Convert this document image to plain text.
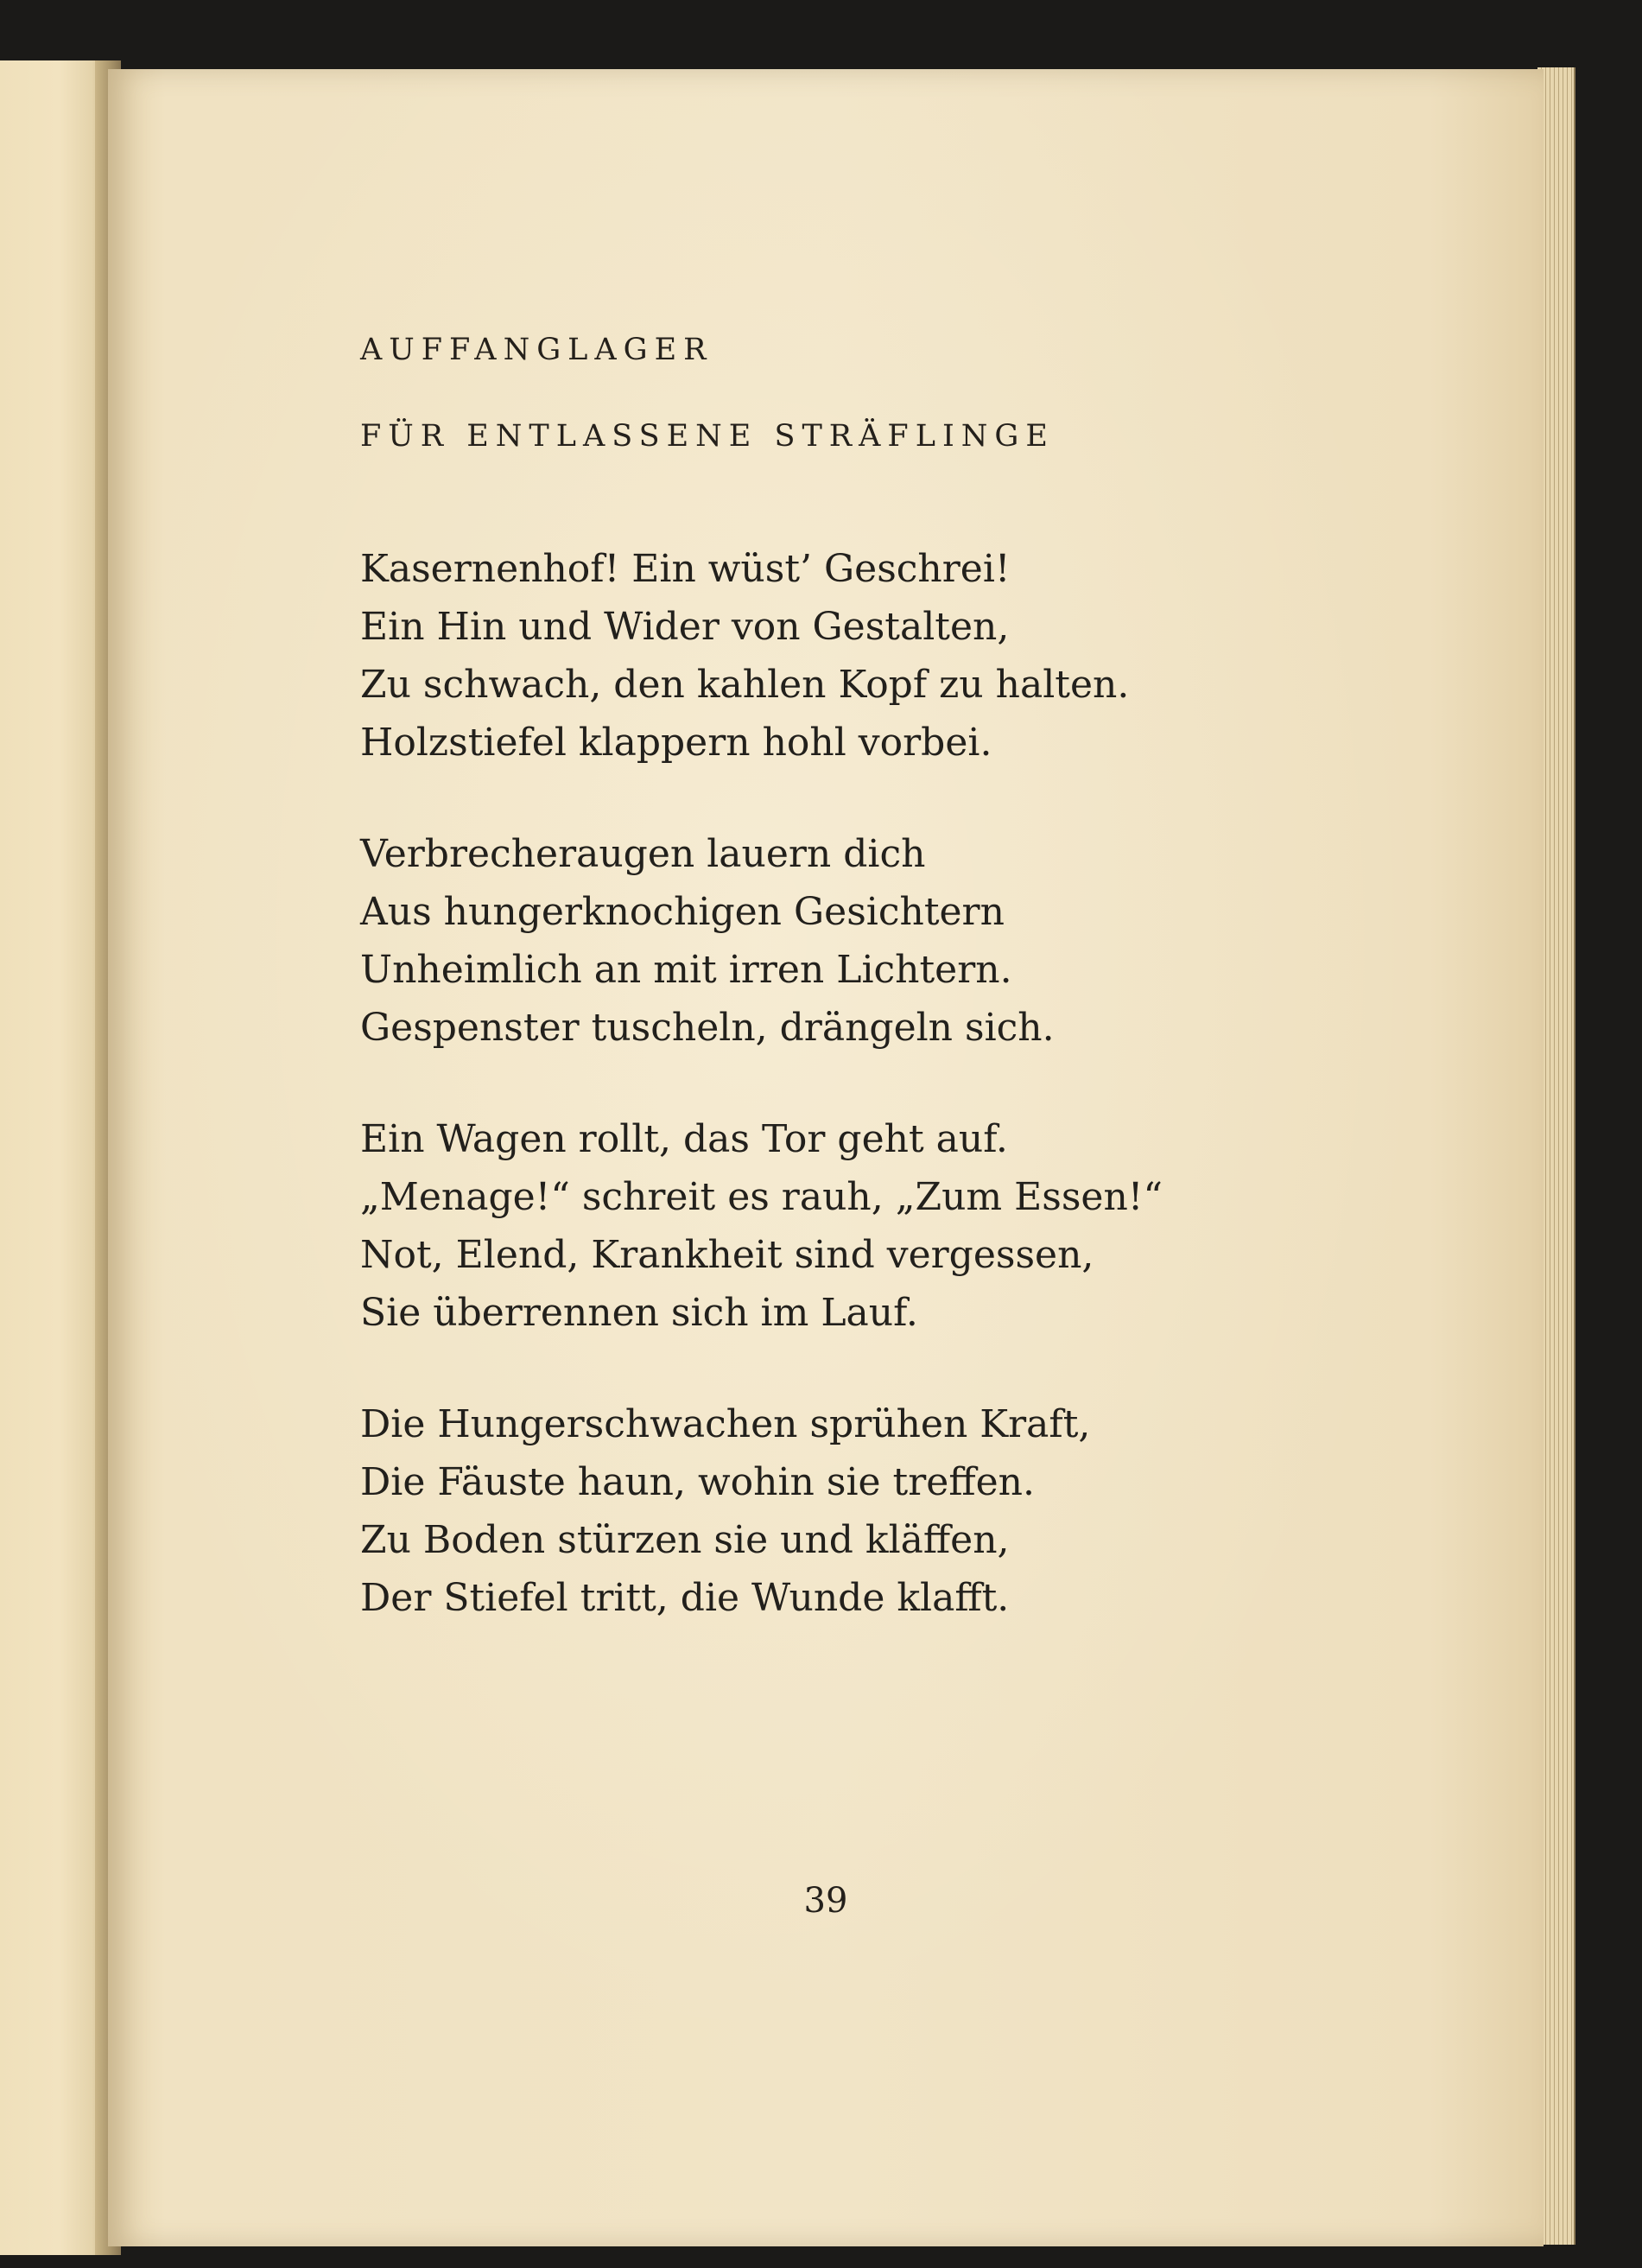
AUFFANGLAGER
FÜR ENTLASSENE STRÄFLINGE
Kasernenhof! Ein wüst’ Geschrei!
Ein Hin und Wider von Gestalten,
Zu schwach, den kahlen Kopf zu halten.
Holzstiefel klappern hohl vorbei.
Verbrecheraugen lauern dich
Aus hungerknochigen Gesichtern
Unheimlich an mit irren Lichtern.
Gespenster tuscheln, drängeln sich.
Ein Wagen rollt, das Tor geht auf.
„Menage!“ schreit es rauh, „Zum Essen!“
Not, Elend, Krankheit sind vergessen,
Sie überrennen sich im Lauf.
Die Hungerschwachen sprühen Kraft,
Die Fäuste haun, wohin sie treffen.
Zu Boden stürzen sie und kläffen,
Der Stiefel tritt, die Wunde klafft.
39
